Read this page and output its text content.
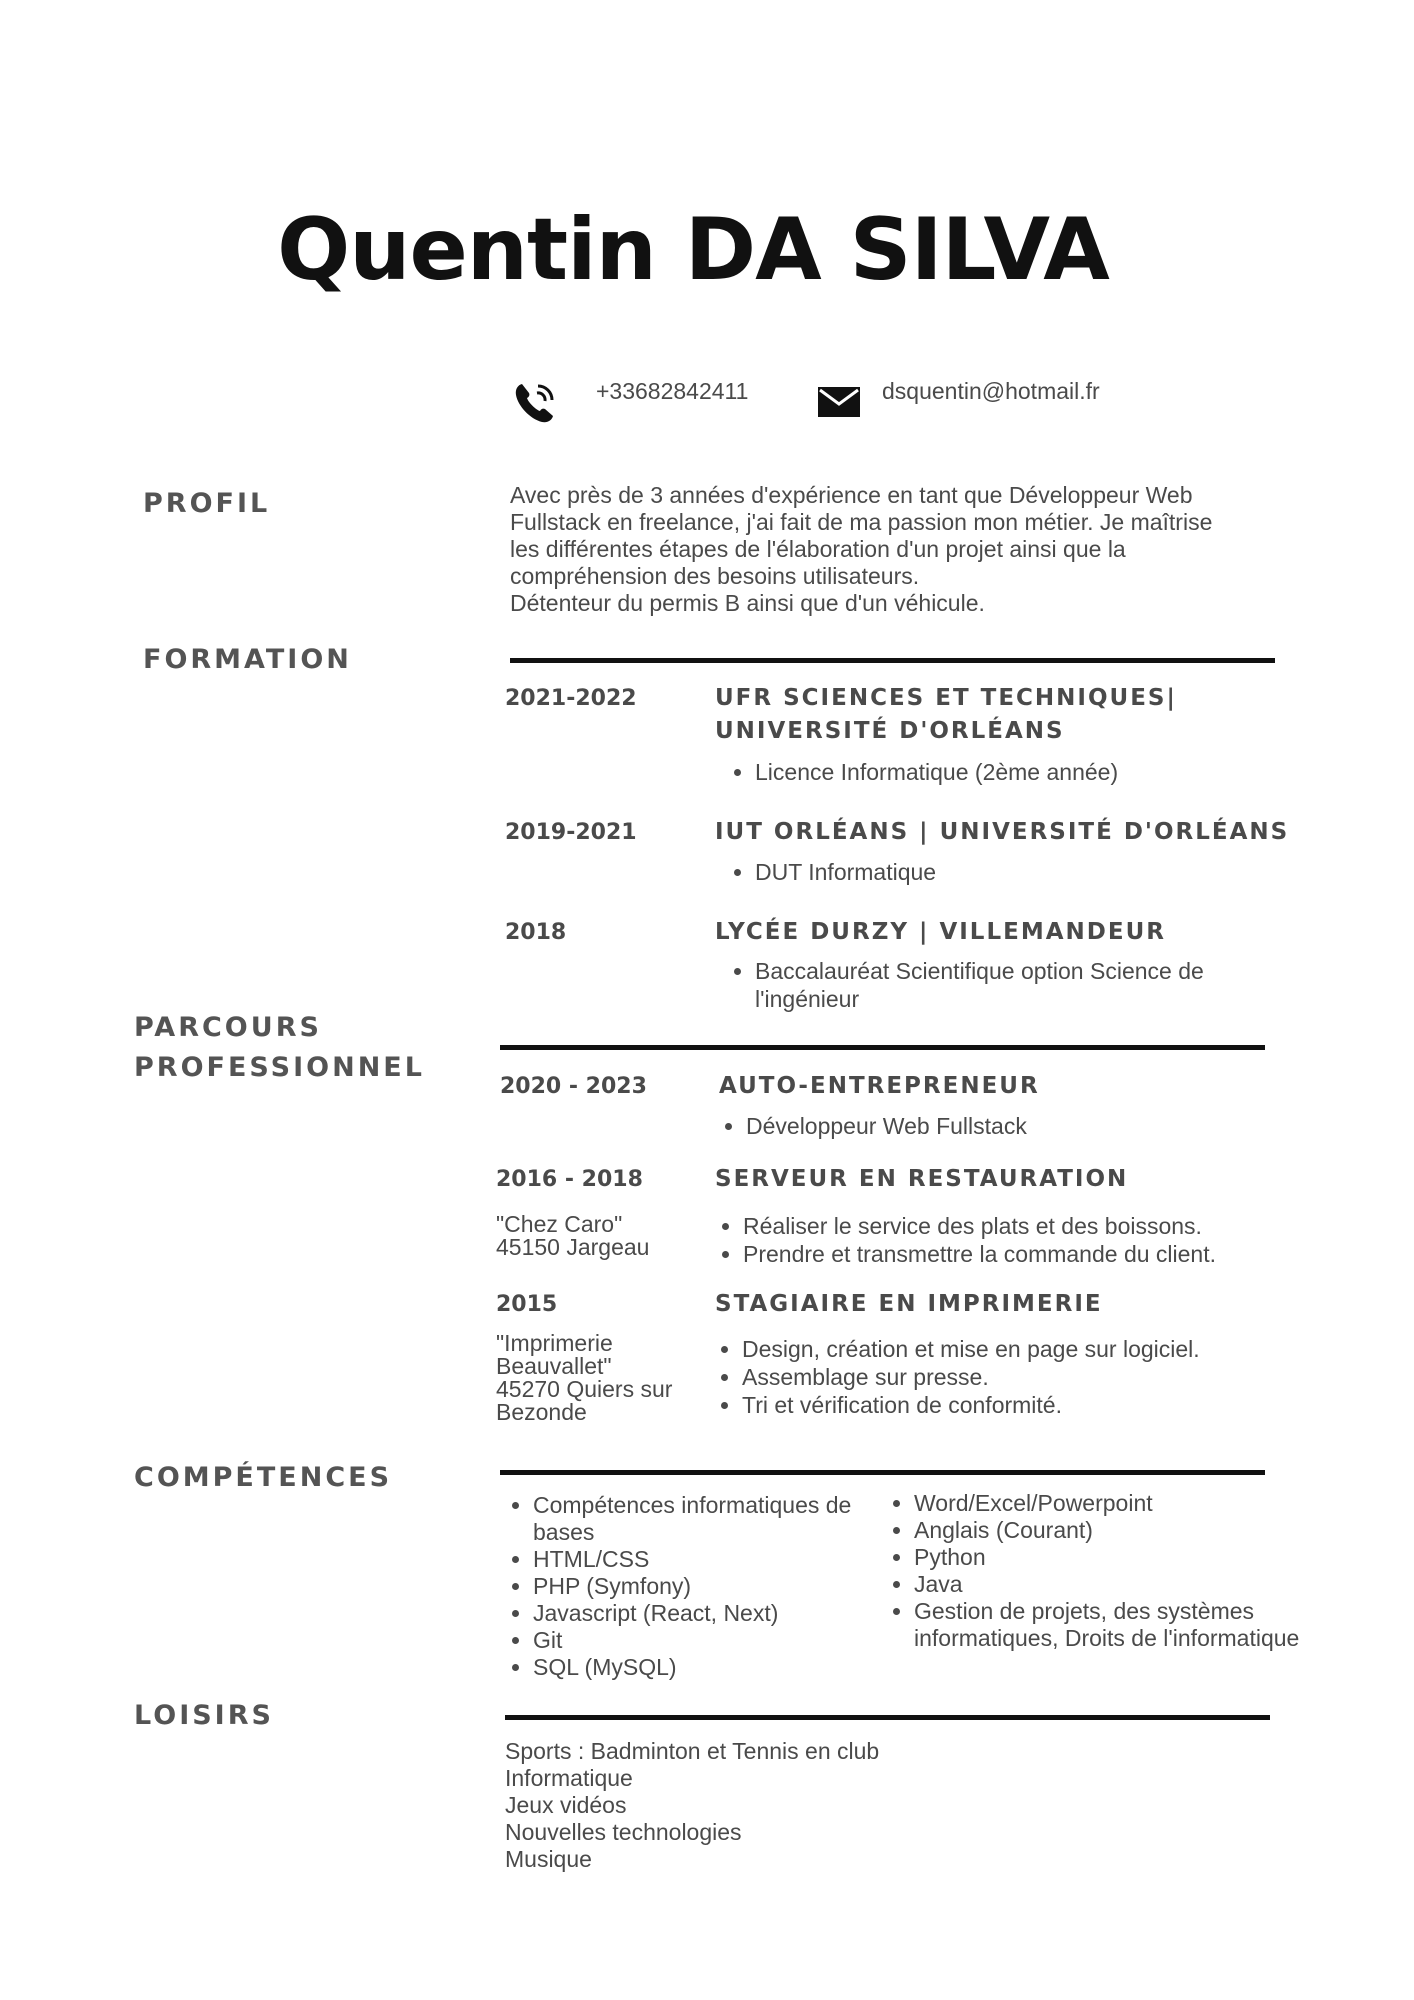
Quentin DA SILVA
+33682842411	dsquentin@hotmail.fr
PROFIL	Avec près de 3 années d'expérience en tant que Développeur Web
Fullstack en freelance, j'ai fait de ma passion mon métier. Je maîtrise
les différentes étapes de l'élaboration d'un projet ainsi que la
compréhension des besoins utilisateurs.
Détenteur du permis B ainsi que d'un véhicule.
FORMATION
2021-2022	UFR SCIENCES ET TECHNIQUES|
UNIVERSITÉ D'ORLÉANS
• Licence Informatique (2ème année)
2019-2021	IUT ORLÉANS | UNIVERSITÉ D'ORLÉANS
• DUT Informatique
2018	LYCÉE DURZY | VILLEMANDEUR
• Baccalauréat Scientifique option Science de l'ingénieur
PARCOURS
PROFESSIONNEL
2020 - 2023	AUTO-ENTREPRENEUR
• Développeur Web Fullstack
2016 - 2018	SERVEUR EN RESTAURATION
"Chez Caro"
45150 Jargeau
• Réaliser le service des plats et des boissons.
• Prendre et transmettre la commande du client.
2015	STAGIAIRE EN IMPRIMERIE
"Imprimerie
Beauvallet"
45270 Quiers sur
Bezonde
• Design, création et mise en page sur logiciel.
• Assemblage sur presse.
• Tri et vérification de conformité.
COMPÉTENCES
• Compétences informatiques de bases
• HTML/CSS
• PHP (Symfony)
• Javascript (React, Next)
• Git
• SQL (MySQL)
• Word/Excel/Powerpoint
• Anglais (Courant)
• Python
• Java
• Gestion de projets, des systèmes informatiques, Droits de l'informatique
LOISIRS
Sports : Badminton et Tennis en club
Informatique
Jeux vidéos
Nouvelles technologies
Musique
